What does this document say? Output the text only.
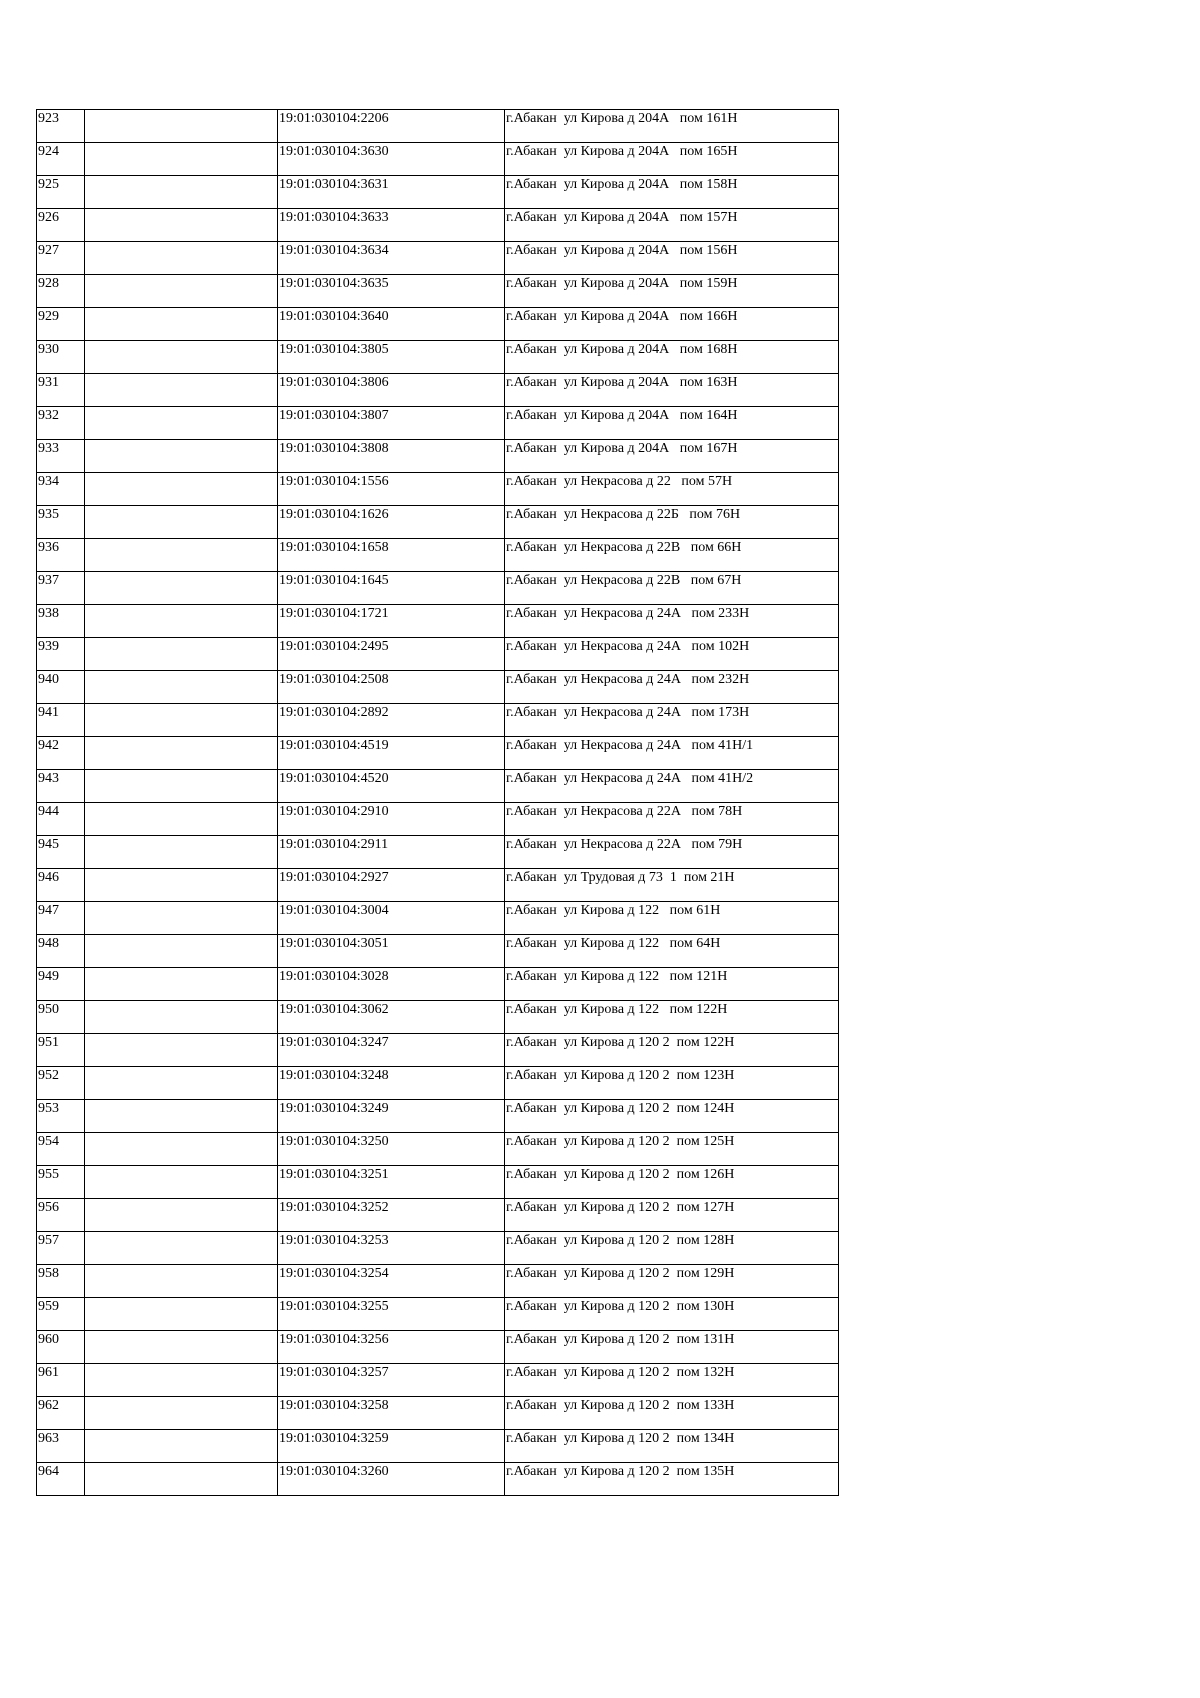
923		19:01:030104:2206	г.Абакан  ул Кирова д 204А   пом 161Н
924		19:01:030104:3630	г.Абакан  ул Кирова д 204А   пом 165Н
925		19:01:030104:3631	г.Абакан  ул Кирова д 204А   пом 158Н
926		19:01:030104:3633	г.Абакан  ул Кирова д 204А   пом 157Н
927		19:01:030104:3634	г.Абакан  ул Кирова д 204А   пом 156Н
928		19:01:030104:3635	г.Абакан  ул Кирова д 204А   пом 159Н
929		19:01:030104:3640	г.Абакан  ул Кирова д 204А   пом 166Н
930		19:01:030104:3805	г.Абакан  ул Кирова д 204А   пом 168Н
931		19:01:030104:3806	г.Абакан  ул Кирова д 204А   пом 163Н
932		19:01:030104:3807	г.Абакан  ул Кирова д 204А   пом 164Н
933		19:01:030104:3808	г.Абакан  ул Кирова д 204А   пом 167Н
934		19:01:030104:1556	г.Абакан  ул Некрасова д 22   пом 57Н
935		19:01:030104:1626	г.Абакан  ул Некрасова д 22Б   пом 76Н
936		19:01:030104:1658	г.Абакан  ул Некрасова д 22В   пом 66Н
937		19:01:030104:1645	г.Абакан  ул Некрасова д 22В   пом 67Н
938		19:01:030104:1721	г.Абакан  ул Некрасова д 24А   пом 233Н
939		19:01:030104:2495	г.Абакан  ул Некрасова д 24А   пом 102Н
940		19:01:030104:2508	г.Абакан  ул Некрасова д 24А   пом 232Н
941		19:01:030104:2892	г.Абакан  ул Некрасова д 24А   пом 173Н
942		19:01:030104:4519	г.Абакан  ул Некрасова д 24А   пом 41Н/1
943		19:01:030104:4520	г.Абакан  ул Некрасова д 24А   пом 41Н/2
944		19:01:030104:2910	г.Абакан  ул Некрасова д 22А   пом 78Н
945		19:01:030104:2911	г.Абакан  ул Некрасова д 22А   пом 79Н
946		19:01:030104:2927	г.Абакан  ул Трудовая д 73  1  пом 21Н
947		19:01:030104:3004	г.Абакан  ул Кирова д 122   пом 61Н
948		19:01:030104:3051	г.Абакан  ул Кирова д 122   пом 64Н
949		19:01:030104:3028	г.Абакан  ул Кирова д 122   пом 121Н
950		19:01:030104:3062	г.Абакан  ул Кирова д 122   пом 122Н
951		19:01:030104:3247	г.Абакан  ул Кирова д 120 2  пом 122Н
952		19:01:030104:3248	г.Абакан  ул Кирова д 120 2  пом 123Н
953		19:01:030104:3249	г.Абакан  ул Кирова д 120 2  пом 124Н
954		19:01:030104:3250	г.Абакан  ул Кирова д 120 2  пом 125Н
955		19:01:030104:3251	г.Абакан  ул Кирова д 120 2  пом 126Н
956		19:01:030104:3252	г.Абакан  ул Кирова д 120 2  пом 127Н
957		19:01:030104:3253	г.Абакан  ул Кирова д 120 2  пом 128Н
958		19:01:030104:3254	г.Абакан  ул Кирова д 120 2  пом 129Н
959		19:01:030104:3255	г.Абакан  ул Кирова д 120 2  пом 130Н
960		19:01:030104:3256	г.Абакан  ул Кирова д 120 2  пом 131Н
961		19:01:030104:3257	г.Абакан  ул Кирова д 120 2  пом 132Н
962		19:01:030104:3258	г.Абакан  ул Кирова д 120 2  пом 133Н
963		19:01:030104:3259	г.Абакан  ул Кирова д 120 2  пом 134Н
964		19:01:030104:3260	г.Абакан  ул Кирова д 120 2  пом 135Н
